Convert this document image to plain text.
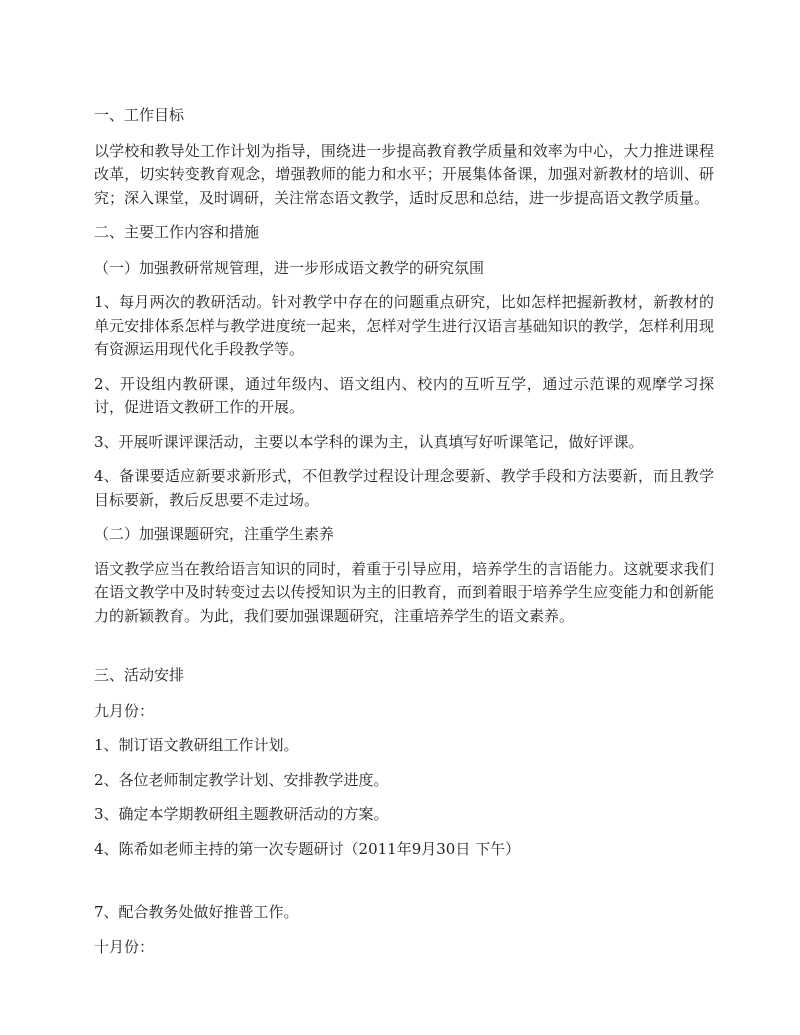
一、工作目标

以学校和教导处工作计划为指导，围绕进一步提高教育教学质量和效率为中心，大力推进课程改革，切实转变教育观念，增强教师的能力和水平；开展集体备课，加强对新教材的培训、研究；深入课堂，及时调研，关注常态语文教学，适时反思和总结，进一步提高语文教学质量。

二、主要工作内容和措施

（一）加强教研常规管理，进一步形成语文教学的研究氛围

1、每月两次的教研活动。针对教学中存在的问题重点研究，比如怎样把握新教材，新教材的单元安排体系怎样与教学进度统一起来，怎样对学生进行汉语言基础知识的教学，怎样利用现有资源运用现代化手段教学等。

2、开设组内教研课，通过年级内、语文组内、校内的互听互学，通过示范课的观摩学习探讨，促进语文教研工作的开展。

3、开展听课评课活动，主要以本学科的课为主，认真填写好听课笔记，做好评课。

4、备课要适应新要求新形式，不但教学过程设计理念要新、教学手段和方法要新，而且教学目标要新，教后反思要不走过场。

（二）加强课题研究，注重学生素养

语文教学应当在教给语言知识的同时，着重于引导应用，培养学生的言语能力。这就要求我们在语文教学中及时转变过去以传授知识为主的旧教育，而到着眼于培养学生应变能力和创新能力的新颖教育。为此，我们要加强课题研究，注重培养学生的语文素养。

三、活动安排

九月份：

1、制订语文教研组工作计划。

2、各位老师制定教学计划、安排教学进度。

3、确定本学期教研组主题教研活动的方案。

4、陈希如老师主持的第一次专题研讨（2011年9月30日 下午）

7、配合教务处做好推普工作。

十月份：
